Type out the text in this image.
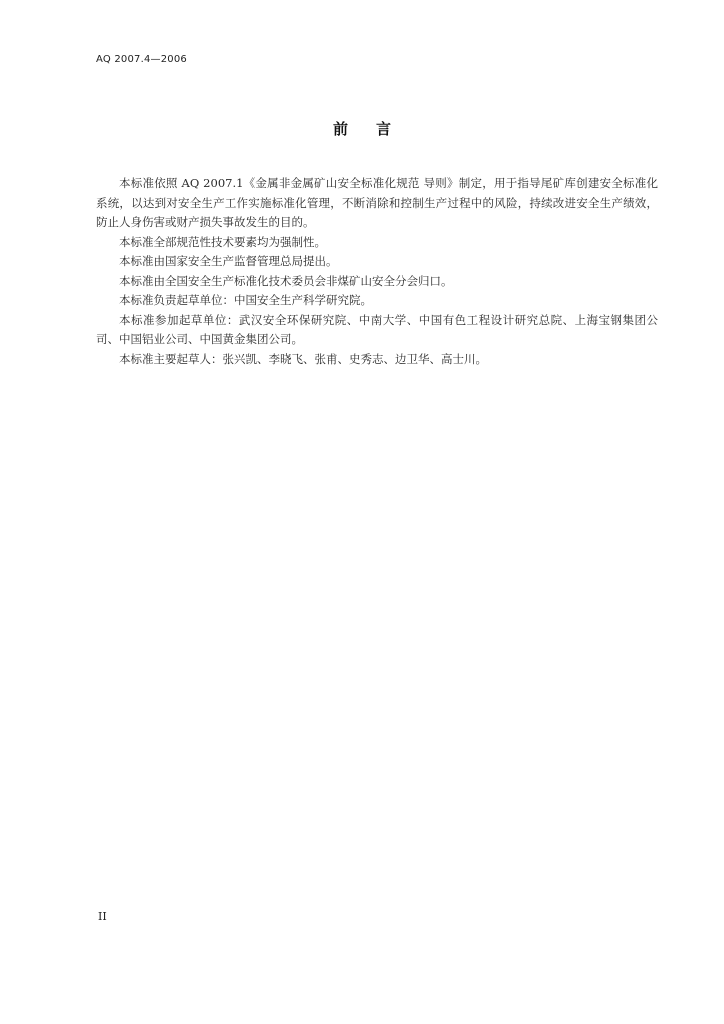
AQ 2007.4—2006
前言

本标准依照 AQ 2007.1《金属非金属矿山安全标准化规范 导则》制定，用于指导尾矿库创建安全标准化系统，以达到对安全生产工作实施标准化管理，不断消除和控制生产过程中的风险，持续改进安全生产绩效，防止人身伤害或财产损失事故发生的目的。

本标准全部规范性技术要素均为强制性。

本标准由国家安全生产监督管理总局提出。

本标准由全国安全生产标准化技术委员会非煤矿山安全分会归口。

本标准负责起草单位：中国安全生产科学研究院。

本标准参加起草单位：武汉安全环保研究院、中南大学、中国有色工程设计研究总院、上海宝钢集团公司、中国铝业公司、中国黄金集团公司。

本标准主要起草人：张兴凯、李晓飞、张甫、史秀志、边卫华、高士川。

II
